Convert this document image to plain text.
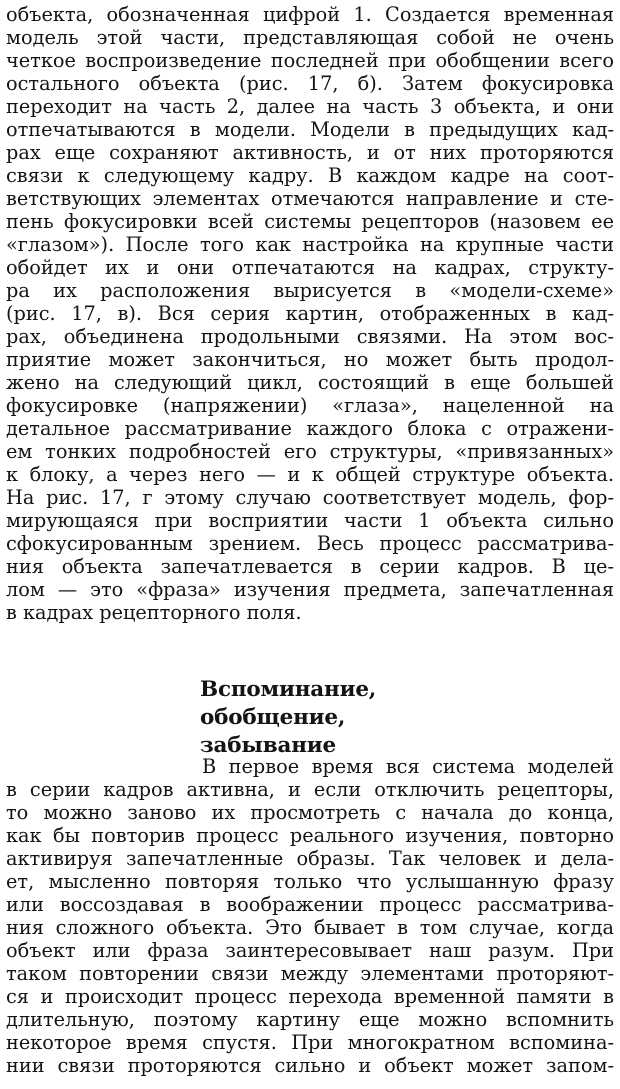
объекта, обозначенная цифрой 1. Создается временная
модель этой части, представляющая собой не очень
четкое воспроизведение последней при обобщении всего
остального объекта (рис. 17, б). Затем фокусировка
переходит на часть 2, далее на часть 3 объекта, и они
отпечатываются в модели. Модели в предыдущих кад-
рах еще сохраняют активность, и от них проторяются
связи к следующему кадру. В каждом кадре на соот-
ветствующих элементах отмечаются направление и сте-
пень фокусировки всей системы рецепторов (назовем ее
«глазом»). После того как настройка на крупные части
обойдет их и они отпечатаются на кадрах, структу-
ра их расположения вырисуется в «модели-схеме»
(рис. 17, в). Вся серия картин, отображенных в кад-
рах, объединена продольными связями. На этом вос-
приятие может закончиться, но может быть продол-
жено на следующий цикл, состоящий в еще большей
фокусировке (напряжении) «глаза», нацеленной на
детальное рассматривание каждого блока с отражени-
ем тонких подробностей его структуры, «привязанных»
к блоку, а через него — и к общей структуре объекта.
На рис. 17, г этому случаю соответствует модель, фор-
мирующаяся при восприятии части 1 объекта сильно
сфокусированным зрением. Весь процесс рассматрива-
ния объекта запечатлевается в серии кадров. В це-
лом — это «фраза» изучения предмета, запечатленная
в кадрах рецепторного поля.
Вспоминание,
обобщение, забывание
В первое время вся система моделей
в серии кадров активна, и если отключить рецепторы,
то можно заново их просмотреть с начала до конца,
как бы повторив процесс реального изучения, повторно
активируя запечатленные образы. Так человек и дела-
ет, мысленно повторяя только что услышанную фразу
или воссоздавая в воображении процесс рассматрива-
ния сложного объекта. Это бывает в том случае, когда
объект или фраза заинтересовывает наш разум. При
таком повторении связи между элементами проторяют-
ся и происходит процесс перехода временной памяти в
длительную, поэтому картину еще можно вспомнить
некоторое время спустя. При многократном вспомина-
нии связи проторяются сильно и объект может запом-
